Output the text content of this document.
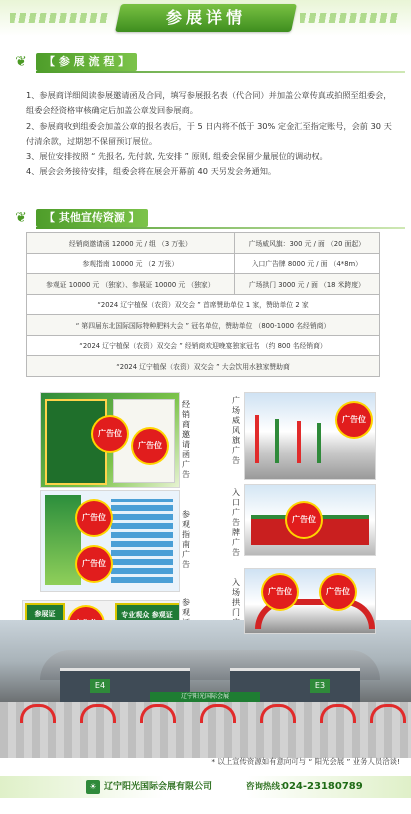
参展详情
❦	【 参 展 流 程 】

1、参展商详细阅读参展邀请函及合同，填写参展报名表（代合同）并加盖公章传真或拍照至组委会，组委会经资格审核确定后加盖公章发回参展商。

2、参展商收到组委会加盖公章的报名表后，于 5 日内将不低于 30% 定金汇至指定账号，会前 30 天付清余款，过期恕不保留预订展位。

3、展位安排按照 “ 先报名, 先付款, 先安排 ” 原则, 组委会保留少量展位的调动权。

4、展会会务接待安排，组委会将在展会开幕前 40 天另发会务通知。

❦	【 其他宣传资源 】
经销商邀请函 12000 元 / 组 （3 万张）	广场威风旗：300 元 / 面 （20 面起）
参观指南 10000 元 （2 万张）	入口广告牌 8000 元 / 面 （4*8m）
参观证 10000 元 （独家）、参展证 10000 元 （独家）	广场拱门 3000 元 / 面 （18 米跨度）
“2024 辽宁植保（农资）双交会 ” 首席赞助单位 1 家，赞助单位 2 家	
“ 第四届东北国际国际特种肥料大会 ” 冠名单位，赞助单位 （800-1000 名经销商）	
“2024 辽宁植保（农资）双交会 ” 经销商欢迎晚宴独家冠名 （约 800 名经销商）	
“2024 辽宁植保（农资）双交会 ” 大会饮用水独家赞助商	
广告位
广告位
经销商邀请函广告
广告位
广告位
参观指南广告
参展证	专业观众 参观证
参观
广场威风旗广告
广告位
入口广告牌广告
广告位
入场拱门
E4	E3
辽宁阳光国际会展
广告位	广告位
* 以上宣传资源如有意向可与 “ 阳光会展 ” 业务人员洽谈!
☀ 辽宁阳光国际会展有限公司	咨询热线：
024-23180789
